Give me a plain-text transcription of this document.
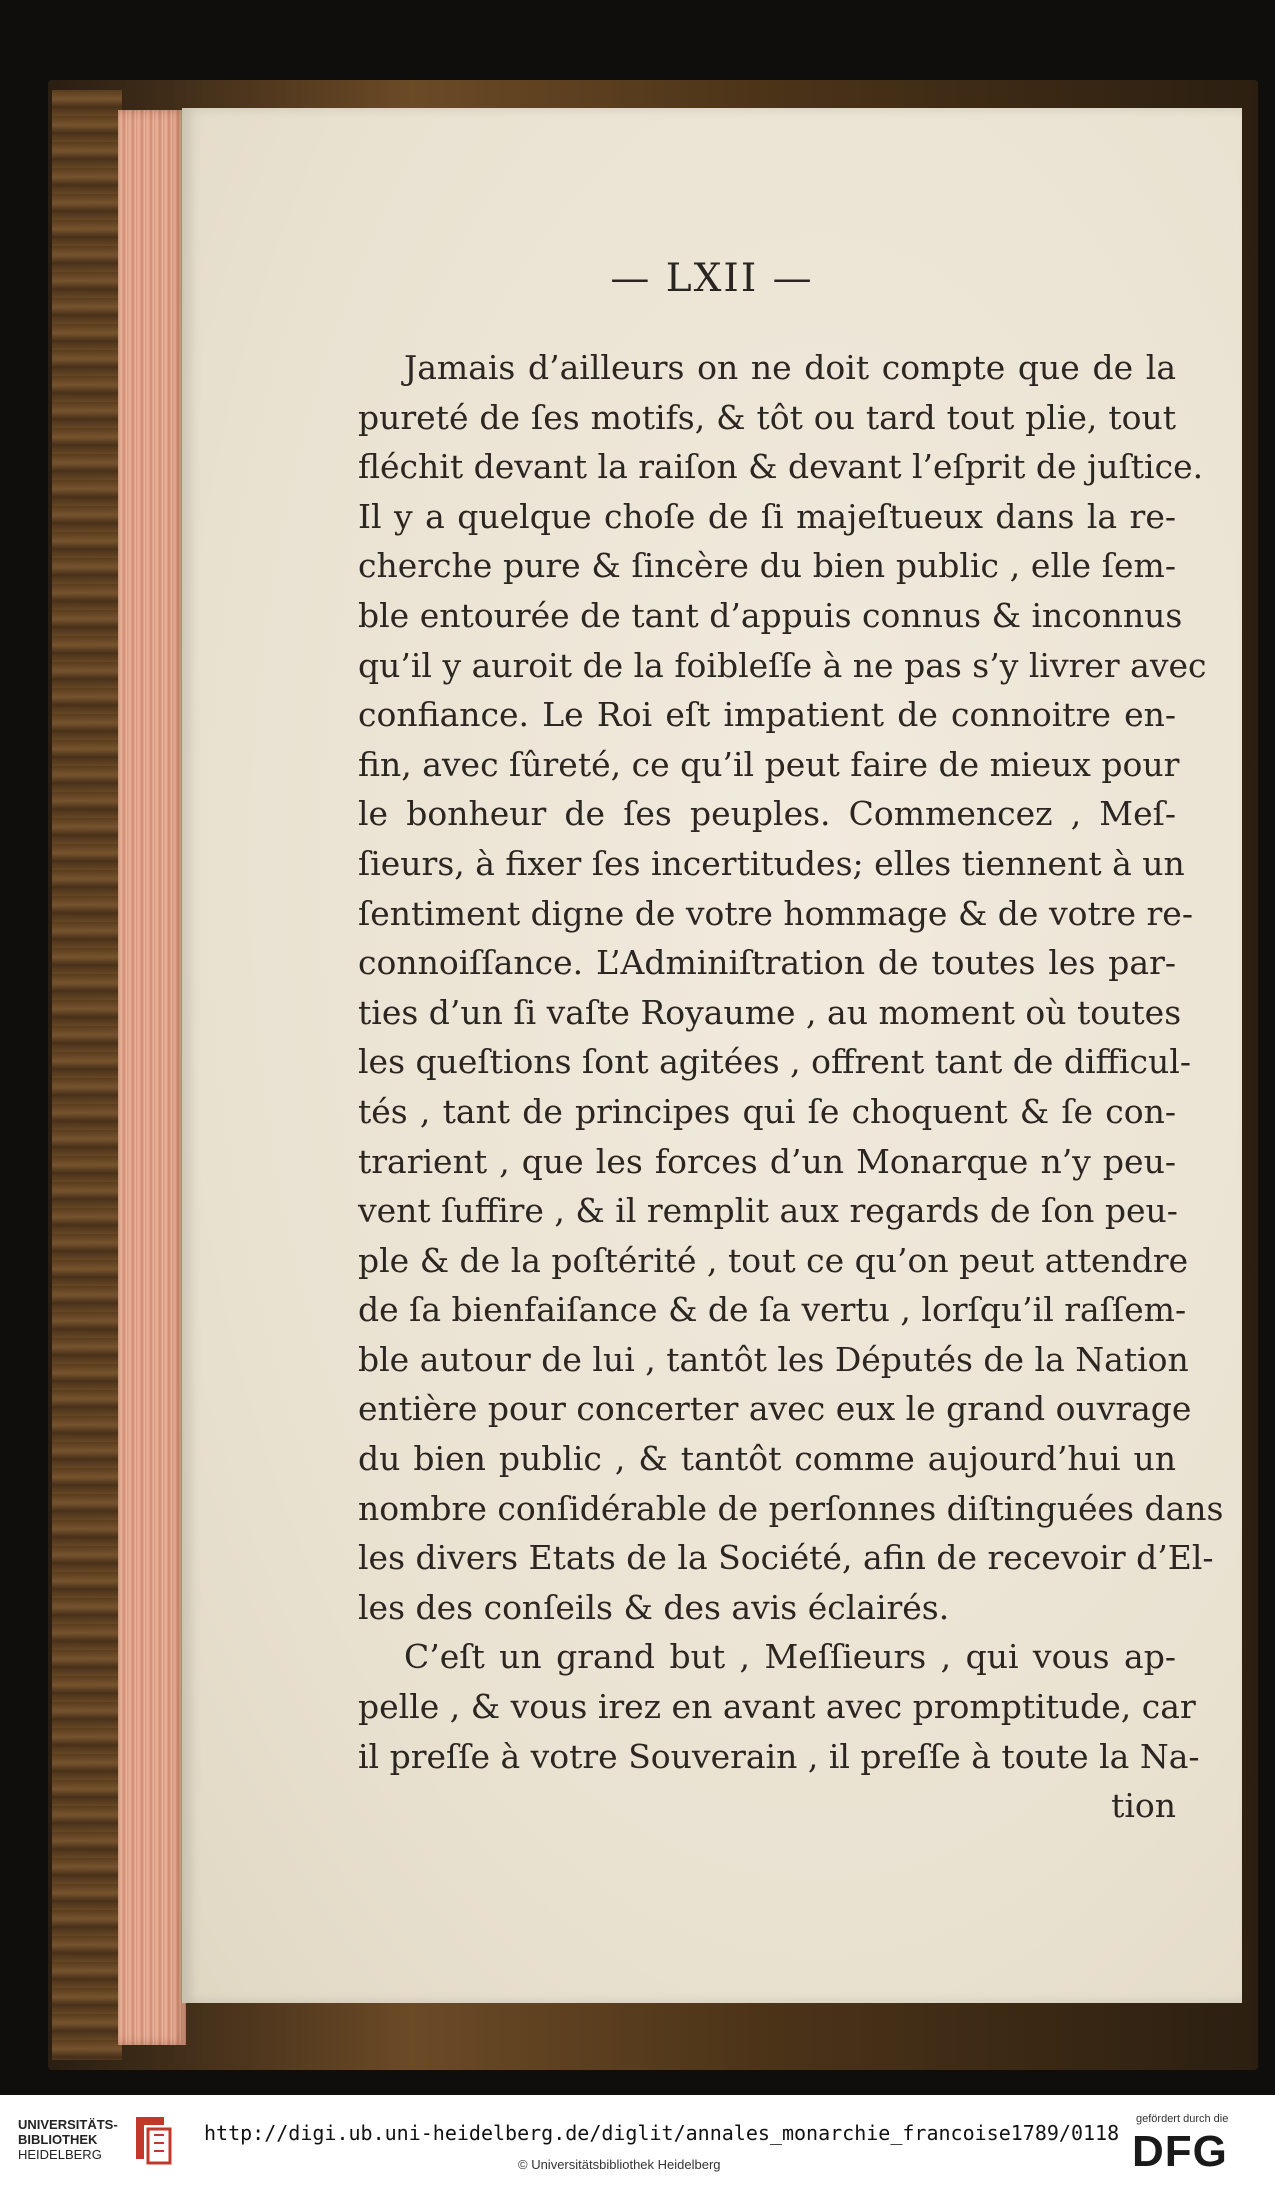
— LXII —
Jamais d’ailleurs on ne doit compte que de la
pureté de ſes motifs, & tôt ou tard tout plie, tout
fléchit devant la raiſon & devant l’eſprit de juſtice.
Il y a quelque choſe de ſi majeſtueux dans la re-
cherche pure & ſincère du bien public , elle ſem-
ble entourée de tant d’appuis connus & inconnus
qu’il y auroit de la foibleſſe à ne pas s’y livrer avec
confiance. Le Roi eſt impatient de connoitre en-
fin, avec ſûreté, ce qu’il peut faire de mieux pour
le bonheur de ſes peuples. Commencez , Meſ-
ſieurs, à fixer ſes incertitudes; elles tiennent à un
ſentiment digne de votre hommage & de votre re-
connoiſſance. L’Adminiſtration de toutes les par-
ties d’un ſi vaſte Royaume , au moment où toutes
les queſtions ſont agitées , offrent tant de difficul-
tés , tant de principes qui ſe choquent & ſe con-
trarient , que les forces d’un Monarque n’y peu-
vent ſuffire , & il remplit aux regards de ſon peu-
ple & de la poſtérité , tout ce qu’on peut attendre
de ſa bienfaiſance & de ſa vertu , lorſqu’il raſſem-
ble autour de lui , tantôt les Députés de la Nation
entière pour concerter avec eux le grand ouvrage
du bien public , & tantôt comme aujourd’hui un
nombre conſidérable de perſonnes diſtinguées dans
les divers Etats de la Société, afin de recevoir d’El-
les des conſeils & des avis éclairés.
C’eſt un grand but , Meſſieurs , qui vous ap-
pelle , & vous irez en avant avec promptitude, car
il preſſe à votre Souverain , il preſſe à toute la Na-
tion
UNIVERSITÄTS-
BIBLIOTHEK
HEIDELBERG
http://digi.ub.uni-heidelberg.de/diglit/annales_monarchie_francoise1789/0118
© Universitätsbibliothek Heidelberg
gefördert durch die
DFG
